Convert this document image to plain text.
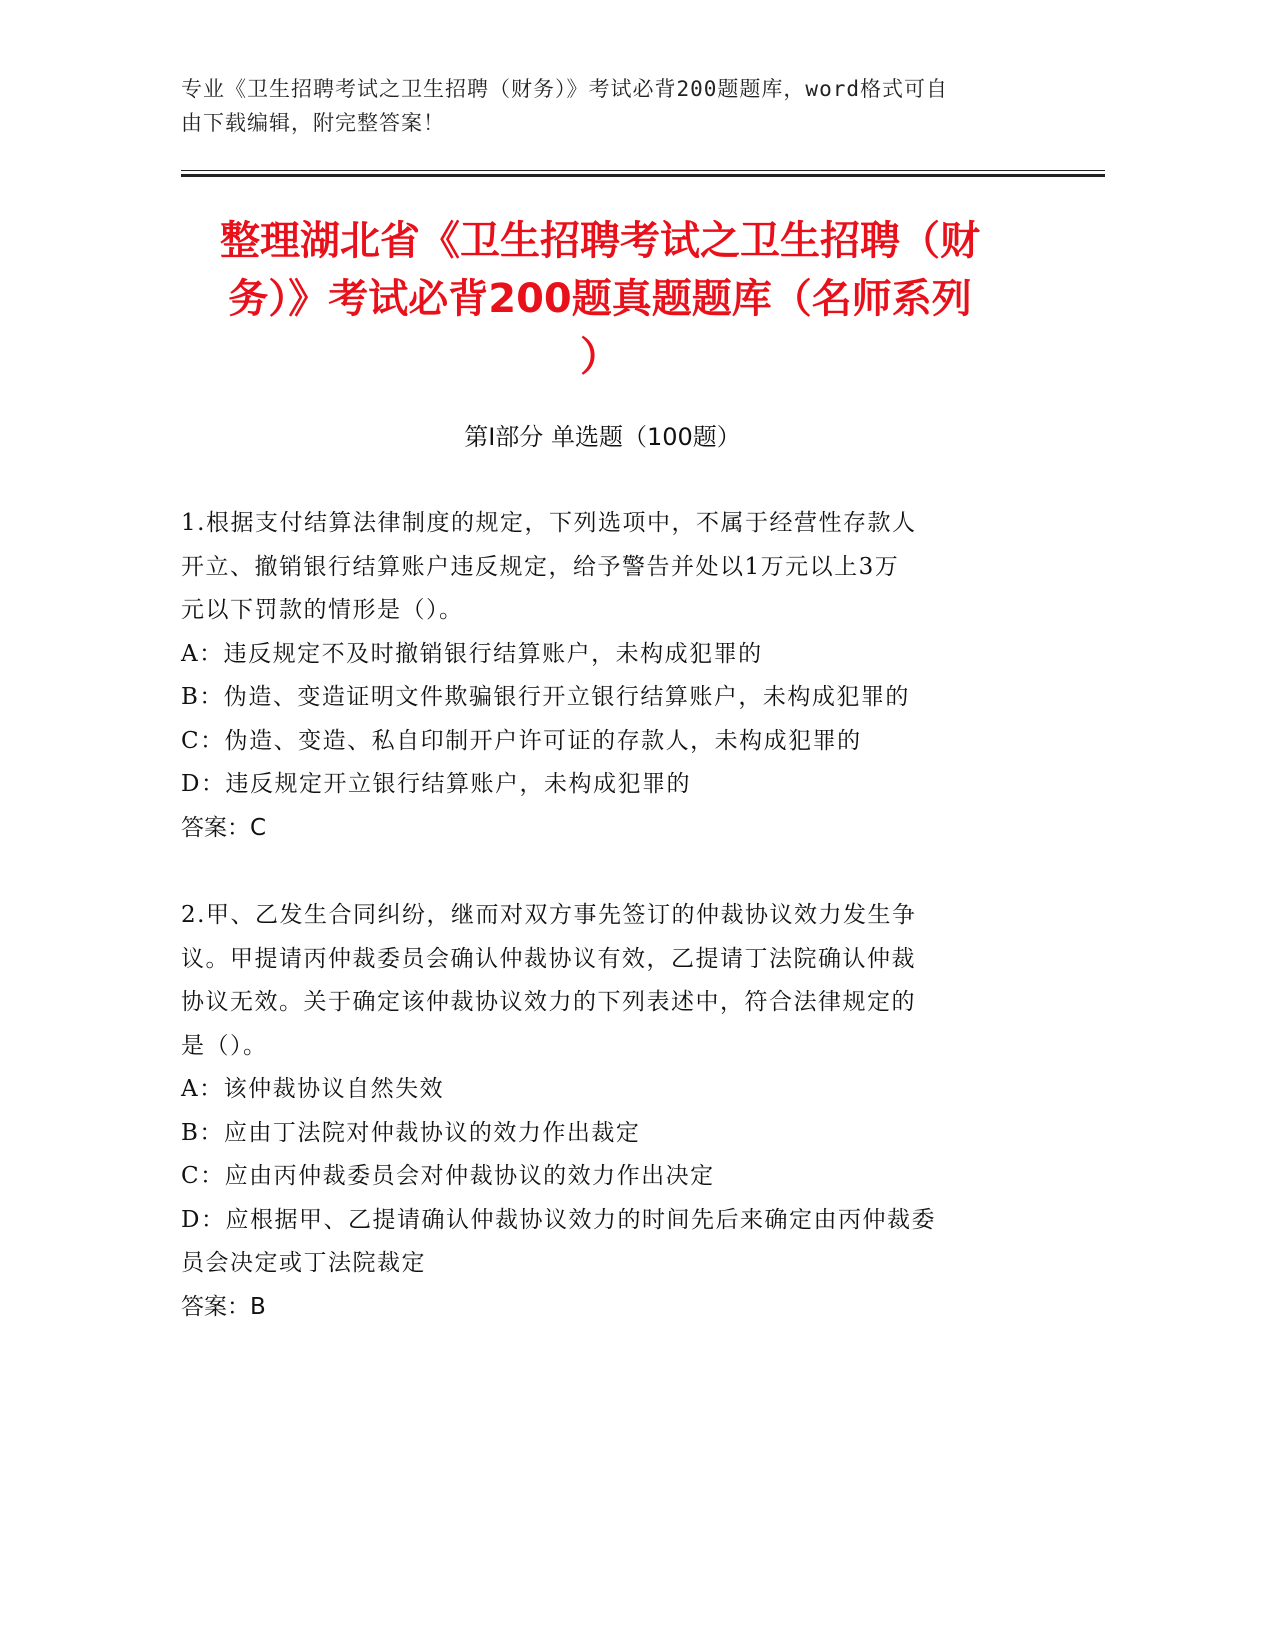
专业《卫生招聘考试之卫生招聘（财务）》考试必背200题题库，word格式可自
由下载编辑，附完整答案！
整理湖北省《卫生招聘考试之卫生招聘（财
务）》考试必背200题真题题库（名师系列
）
第I部分 单选题（100题）
1.根据支付结算法律制度的规定，下列选项中，不属于经营性存款人
开立、撤销银行结算账户违反规定，给予警告并处以1万元以上3万
元以下罚款的情形是（）。
A：违反规定不及时撤销银行结算账户，未构成犯罪的
B：伪造、变造证明文件欺骗银行开立银行结算账户，未构成犯罪的
C：伪造、变造、私自印制开户许可证的存款人，未构成犯罪的
D：违反规定开立银行结算账户，未构成犯罪的
答案：C
2.甲、乙发生合同纠纷，继而对双方事先签订的仲裁协议效力发生争
议。甲提请丙仲裁委员会确认仲裁协议有效，乙提请丁法院确认仲裁
协议无效。关于确定该仲裁协议效力的下列表述中，符合法律规定的
是（）。
A：该仲裁协议自然失效
B：应由丁法院对仲裁协议的效力作出裁定
C：应由丙仲裁委员会对仲裁协议的效力作出决定
D：应根据甲、乙提请确认仲裁协议效力的时间先后来确定由丙仲裁委
员会决定或丁法院裁定
答案：B
